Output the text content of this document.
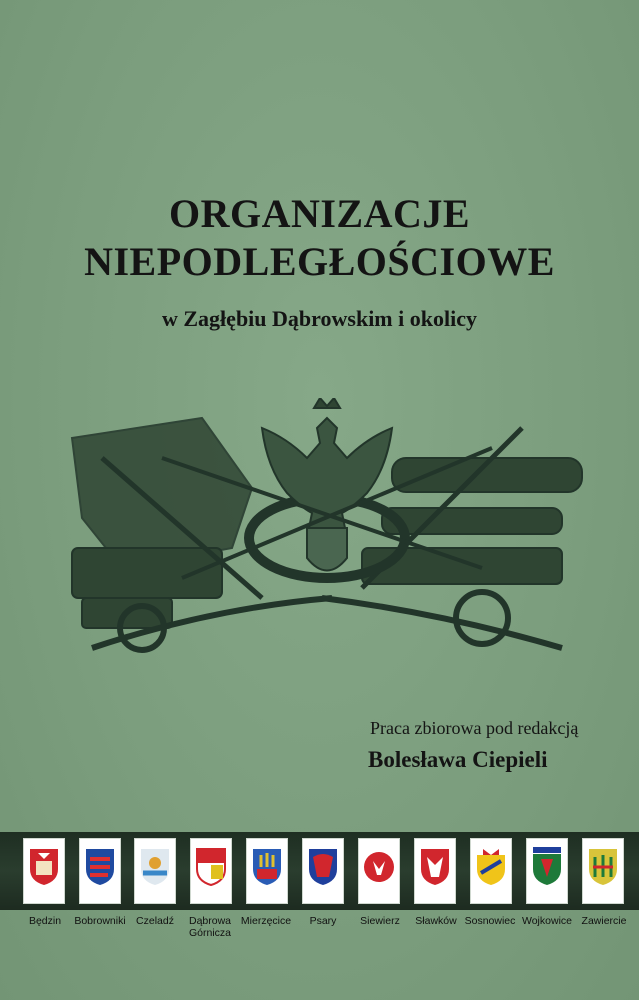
ORGANIZACJE
NIEPODLEGŁOŚCIOWE
w Zagłębiu Dąbrowskim i okolicy
Praca zbiorowa pod redakcją
Bolesława Ciepieli
Będzin	Bobrowniki Czeladź	Dąbrowa Górnicza
Mierzęcice	Psary	Siewierz	Sławków Sosnowiec Wojkowice Zawiercie
